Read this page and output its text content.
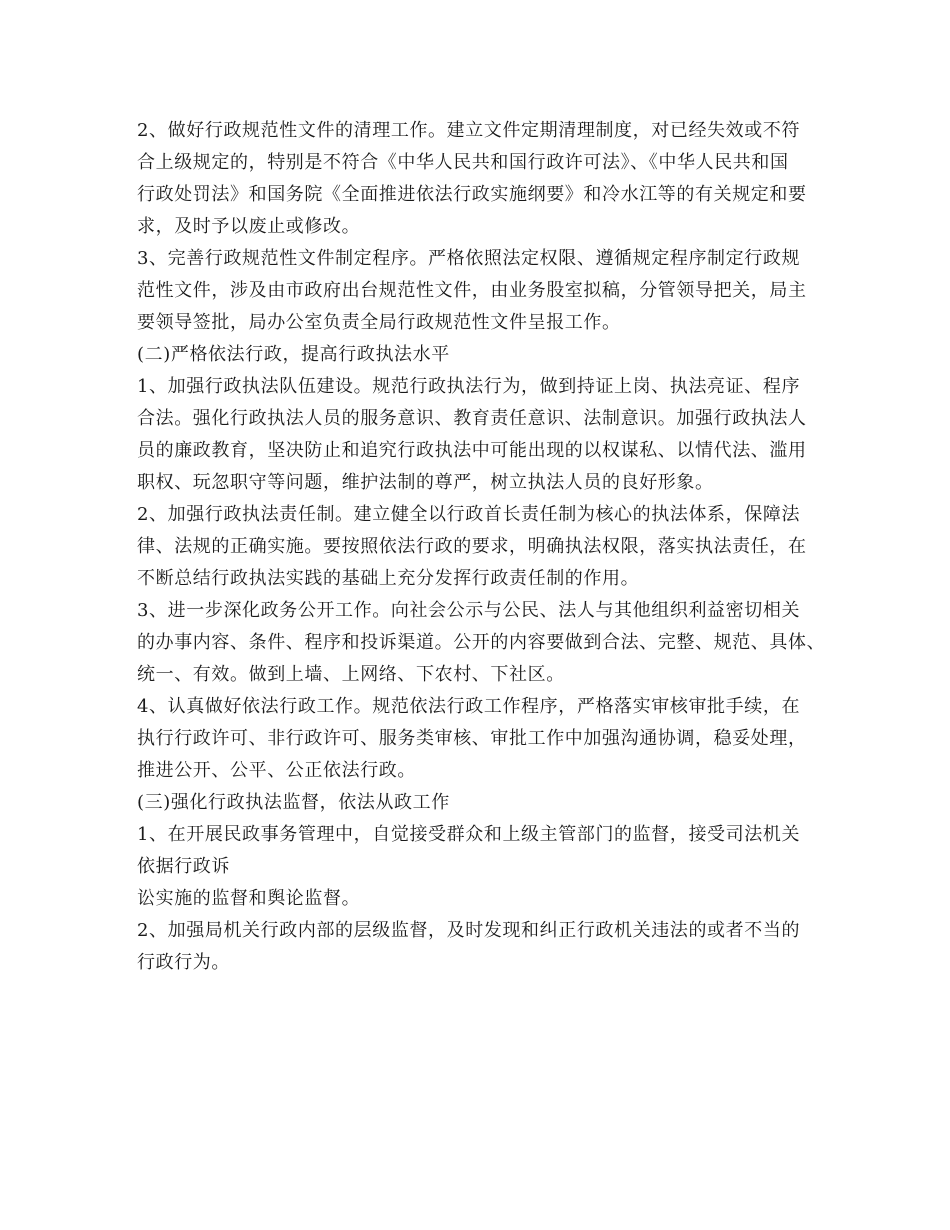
2、做好行政规范性文件的清理工作。建立文件定期清理制度，对已经失效或不符
合上级规定的，特别是不符合《中华人民共和国行政许可法》、《中华人民共和国
行政处罚法》和国务院《全面推进依法行政实施纲要》和冷水江等的有关规定和要
求，及时予以废止或修改。
3、完善行政规范性文件制定程序。严格依照法定权限、遵循规定程序制定行政规
范性文件，涉及由市政府出台规范性文件，由业务股室拟稿，分管领导把关，局主
要领导签批，局办公室负责全局行政规范性文件呈报工作。
(二)严格依法行政，提高行政执法水平
1、加强行政执法队伍建设。规范行政执法行为，做到持证上岗、执法亮证、程序
合法。强化行政执法人员的服务意识、教育责任意识、法制意识。加强行政执法人
员的廉政教育，坚决防止和追究行政执法中可能出现的以权谋私、以情代法、滥用
职权、玩忽职守等问题，维护法制的尊严，树立执法人员的良好形象。
2、加强行政执法责任制。建立健全以行政首长责任制为核心的执法体系，保障法
律、法规的正确实施。要按照依法行政的要求，明确执法权限，落实执法责任，在
不断总结行政执法实践的基础上充分发挥行政责任制的作用。
3、进一步深化政务公开工作。向社会公示与公民、法人与其他组织利益密切相关
的办事内容、条件、程序和投诉渠道。公开的内容要做到合法、完整、规范、具体、
统一、有效。做到上墙、上网络、下农村、下社区。
4、认真做好依法行政工作。规范依法行政工作程序，严格落实审核审批手续，在
执行行政许可、非行政许可、服务类审核、审批工作中加强沟通协调，稳妥处理，
推进公开、公平、公正依法行政。
(三)强化行政执法监督，依法从政工作
1、在开展民政事务管理中，自觉接受群众和上级主管部门的监督，接受司法机关
依据行政诉
讼实施的监督和舆论监督。
2、加强局机关行政内部的层级监督，及时发现和纠正行政机关违法的或者不当的
行政行为。
